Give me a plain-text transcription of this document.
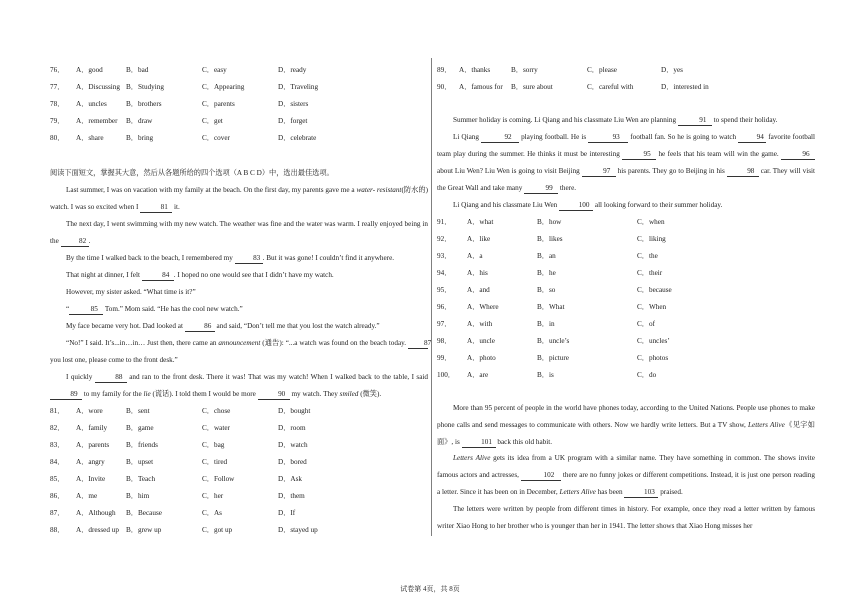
76．	A．good	B．bad	C．easy	D．ready
77．	A．Discussing B．Studying	C．Appearing	D．Traveling
78．	A．uncles	B．brothers	C．parents	D．sisters
79．	A．remember	B．draw	C．get	D．forget
80．	A．share	B．bring	C．cover	D．celebrate

阅读下面短文，掌握其大意，然后从各题所给的四个选项（A B C D）中，选出最佳选项。

Last summer, I was on vacation with my family at the beach. On the first day, my parents gave me a water- resistant(防水的) watch. I was so excited when I	81 it.

The next day, I went swimming with my new watch. The weather was fine and the water was warm. I really enjoyed being in the	82 .

By the time I walked back to the beach, I remembered my	83 . But it was gone! I couldn’t find it anywhere.

That night at dinner, I felt	84 . I hoped no one would see that I didn’t have my watch.

However, my sister asked. “What time is it?”

“	85 Tom.” Mom said. “He has the cool new watch.”

My face became very hot. Dad looked at	86 and said, “Don’t tell me that you lost the watch already.”

“No!” I said. It’s...in…in… Just then, there came an announcement (通告): “...a watch was found on the beach today. 87 you lost one, please come to the front desk.”

I quickly	88 and ran to the front desk. There it was! That was my watch! When I walked back to the table, I said 89 to my family for the lie (谎话). I told them I would be more	90 my watch. They smiled (微笑).

81．	A．wore	B．sent	C．chose	D．bought
82．	A．family	B．game	C．water	D．room
83．	A．parents	B．friends	C．bag	D．watch
84．	A．angry	B．upset	C．tired	D．bored
85．	A．Invite	B．Teach	C．Follow	D．Ask
86．	A．me	B．him	C．her	D．them
87．	A．Although	B．Because	C．As	D．If
88．	A．dressed up B．grew up	C．got up	D．stayed up
89．	A．thanks	B．sorry	C．please	D．yes
90．	A．famous for	B．sure about	C．careful with	D．interested in

Summer holiday is coming. Li Qiang and his classmate Liu Wen are planning	91 to spend their holiday.

Li Qiang	92 playing football. He is	93 football fan. So he is going to watch	94 favorite football team play during the summer. He thinks it must be interesting	95 he feels that his team will win the game.	96 about Liu Wen? Liu Wen is going to visit Beijing	97 his parents. They go to Beijing in his	98 car. They will visit the Great Wall and take many	99 there.

Li Qiang and his classmate Liu Wen	100 all looking forward to their summer holiday.

91．	A．what	B．how	C．when
92．	A．like	B．likes	C．liking
93．	A．a	B．an	C．the
94．	A．his	B．he	C．their
95．	A．and	B．so	C．because
96．	A．Where	B．What	C．When
97．	A．with	B．in	C．of
98．	A．uncle	B．uncle’s	C．uncles’
99．	A．photo	B．picture	C．photos
100．	A．are	B．is	C．do

More than 95 percent of people in the world have phones today, according to the United Nations. People use phones to make phone calls and send messages to communicate with others. Now we hardly write letters. But a TV show, Letters Alive《见字如面》, is	101 back this old habit.

Letters Alive gets its idea from a UK program with a similar name. They have something in common. The shows invite famous actors and actresses,	102 there are no funny jokes or different competitions. Instead, it is just one person reading a letter. Since it has been on in December, Letters Alive has been	103 praised.

The letters were written by people from different times in history. For example, once they read a letter written by famous writer Xiao Hong to her brother who is younger than her in 1941. The letter shows that Xiao Hong misses her

试卷第 4页，共 8页
